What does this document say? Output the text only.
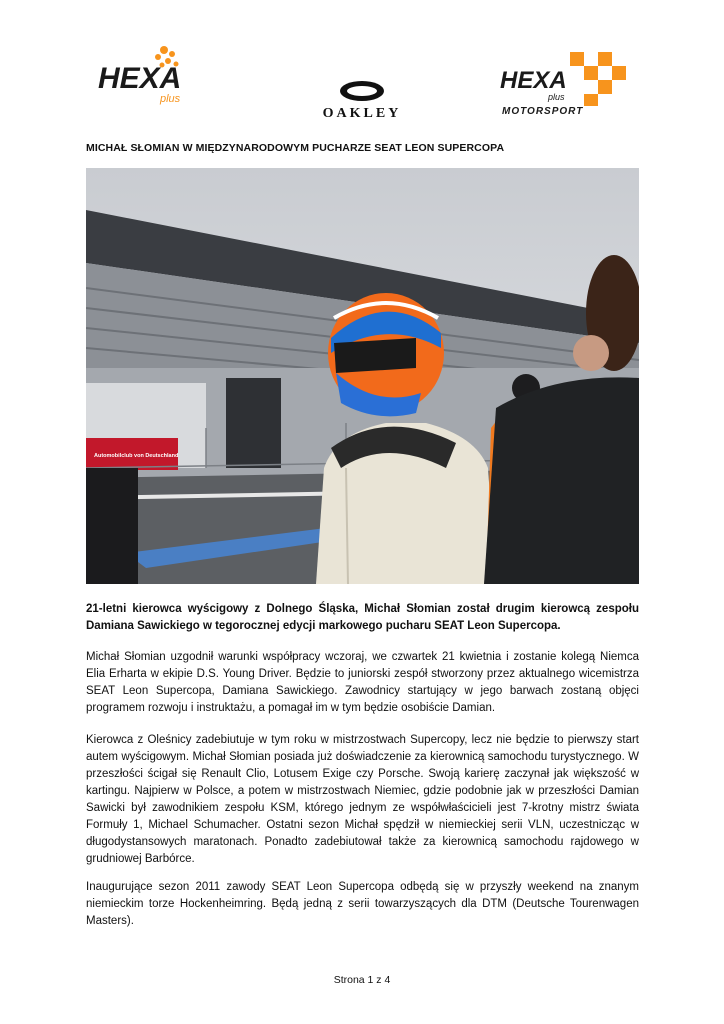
HEXA
plus
OAKLEY
HEXA
plus
MOTORSPORT
MICHAŁ SŁOMIAN W MIĘDZYNARODOWYM PUCHARZE SEAT LEON SUPERCOPA
Automobilclub von Deutschland
21-letni kierowca wyścigowy z Dolnego Śląska, Michał Słomian został drugim kierowcą zespołu Damiana Sawickiego w tegorocznej edycji markowego pucharu SEAT Leon Supercopa.
Michał Słomian uzgodnił warunki współpracy wczoraj, we czwartek 21 kwietnia i zostanie kolegą Niemca Elia Erharta w ekipie D.S. Young Driver. Będzie to juniorski zespół stworzony przez aktualnego wicemistrza SEAT Leon Supercopa, Damiana Sawickiego. Zawodnicy startujący w jego barwach zostaną objęci programem rozwoju i instruktażu, a pomagał im w tym będzie osobiście Damian.
Kierowca z Oleśnicy zadebiutuje w tym roku w mistrzostwach Supercopy, lecz nie będzie to pierwszy start autem wyścigowym. Michał Słomian posiada już doświadczenie za kierownicą samochodu turystycznego. W przeszłości ścigał się Renault Clio, Lotusem Exige czy Porsche. Swoją karierę zaczynał jak większość w kartingu. Najpierw w Polsce, a potem w mistrzostwach Niemiec, gdzie podobnie jak w przeszłości Damian Sawicki był zawodnikiem zespołu KSM, którego jednym ze współwłaścicieli jest 7-krotny mistrz świata Formuły 1, Michael Schumacher. Ostatni sezon Michał spędził w niemieckiej serii VLN, uczestnicząc w długodystansowych maratonach. Ponadto zadebiutował także za kierownicą samochodu rajdowego w grudniowej Barbórce.
Inaugurujące sezon 2011 zawody SEAT Leon Supercopa odbędą się w przyszły weekend na znanym niemieckim torze Hockenheimring. Będą jedną z serii towarzyszących dla DTM (Deutsche Tourenwagen Masters).
Strona 1 z 4
